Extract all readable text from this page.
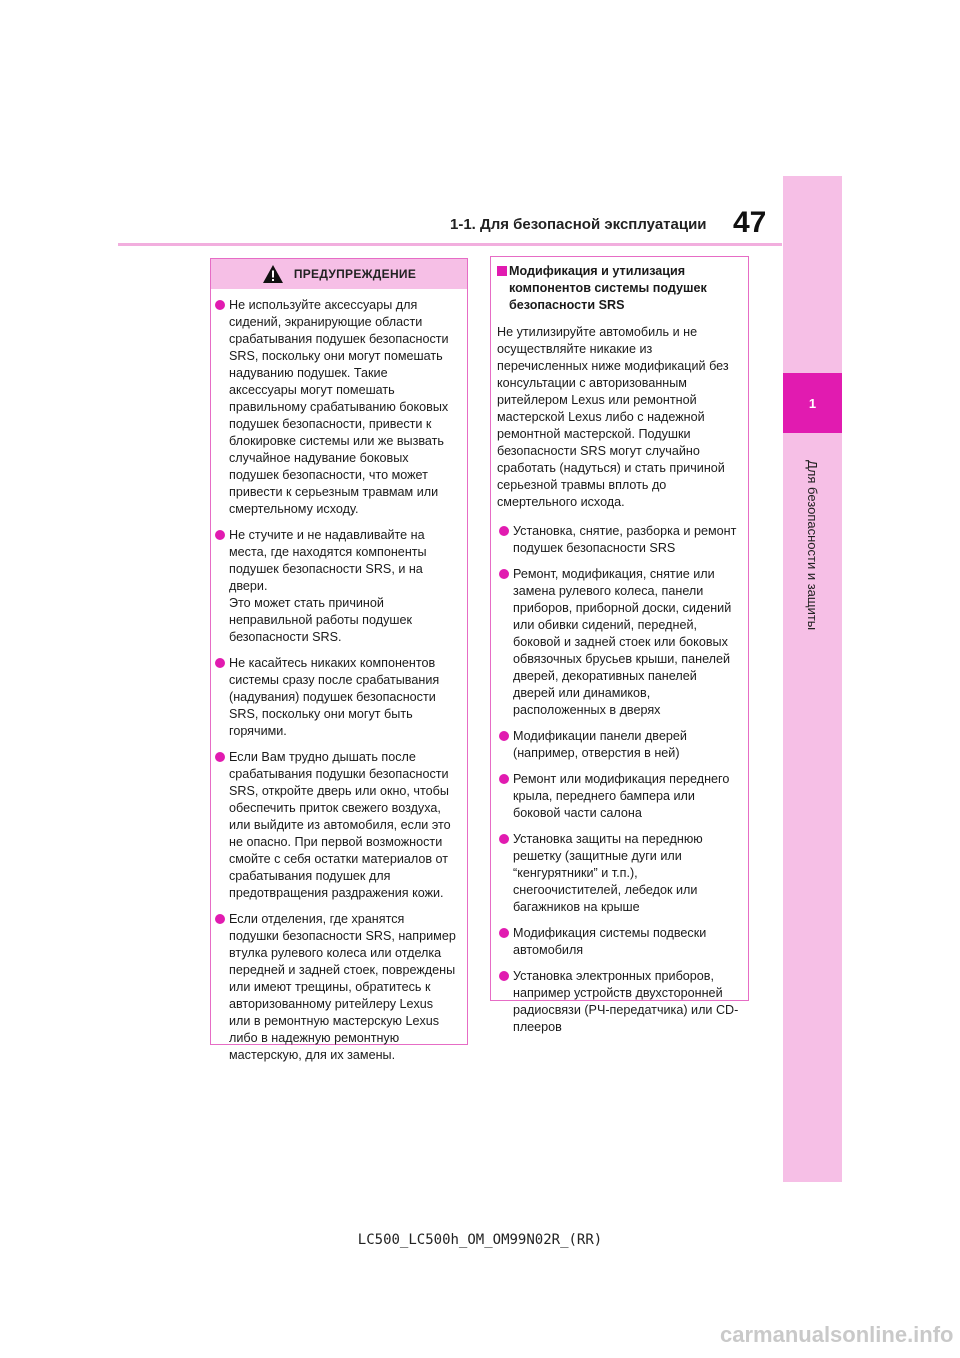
1-1. Для безопасной эксплуатации 47
1
Для безопасности и защиты
ПРЕДУПРЕЖДЕНИЕ
Не используйте аксессуары для сидений, экранирующие области срабатывания подушек безопасности SRS, поскольку они могут помешать надуванию подушек. Такие аксессуары могут помешать правильному срабатыванию боковых подушек безопасности, привести к блокировке системы или же вызвать случайное надувание боковых подушек безопасности, что может привести к серьезным травмам или смертельному исходу.
Не стучите и не надавливайте на места, где находятся компоненты подушек безопасности SRS, и на двери.
Это может стать причиной неправильной работы подушек безопасности SRS.
Не касайтесь никаких компонентов системы сразу после срабатывания (надувания) подушек безопасности SRS, поскольку они могут быть горячими.
Если Вам трудно дышать после срабатывания подушки безопасности SRS, откройте дверь или окно, чтобы обеспечить приток свежего воздуха, или выйдите из автомобиля, если это не опасно. При первой возможности смойте с себя остатки материалов от срабатывания подушек для предотвращения раздражения кожи.
Если отделения, где хранятся подушки безопасности SRS, например втулка рулевого колеса или отделка передней и задней стоек, повреждены или имеют трещины, обратитесь к авторизованному ритейлеру Lexus или в ремонтную мастерскую Lexus либо в надежную ремонтную мастерскую, для их замены.
Модификация и утилизация компонентов системы подушек безопасности SRS

Не утилизируйте автомобиль и не осуществляйте никакие из перечисленных ниже модификаций без консультации с авторизованным ритейлером Lexus или ремонтной мастерской Lexus либо с надежной ремонтной мастерской. Подушки безопасности SRS могут случайно сработать (надуться) и стать причиной серьезной травмы вплоть до смертельного исхода.

Установка, снятие, разборка и ремонт подушек безопасности SRS
Ремонт, модификация, снятие или замена рулевого колеса, панели приборов, приборной доски, сидений или обивки сидений, передней, боковой и задней стоек или боковых обвязочных брусьев крыши, панелей дверей, декоративных панелей дверей или динамиков, расположенных в дверях
Модификации панели дверей (например, отверстия в ней)
Ремонт или модификация переднего крыла, переднего бампера или боковой части салона
Установка защиты на переднюю решетку (защитные дуги или “кенгурятники” и т.п.), снегоочистителей, лебедок или багажников на крыше
Модификация системы подвески автомобиля
Установка электронных приборов, например устройств двухсторонней радиосвязи (РЧ-передатчика) или CD-плееров
LC500_LC500h_OM_OM99N02R_(RR)
carmanualsonline.info
